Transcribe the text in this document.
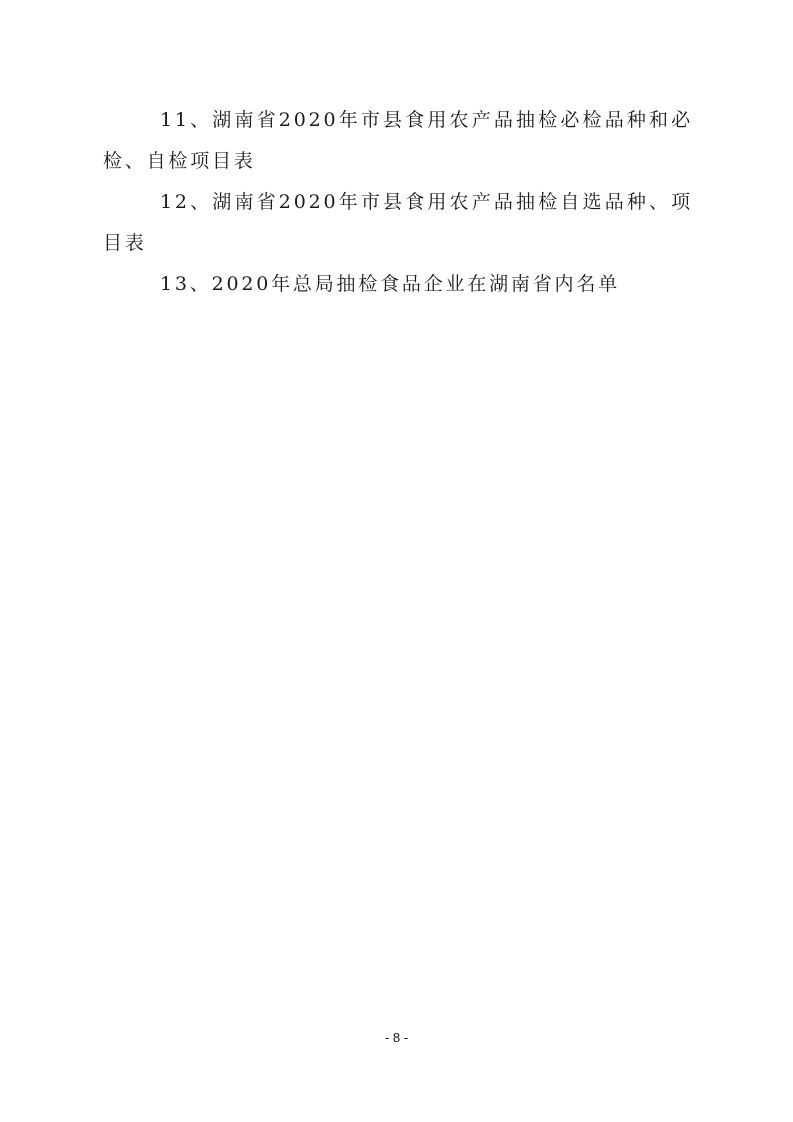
11、湖南省2020年市县食用农产品抽检必检品种和必检、自检项目表

12、湖南省2020年市县食用农产品抽检自选品种、项目表

13、2020年总局抽检食品企业在湖南省内名单

- 8 -
